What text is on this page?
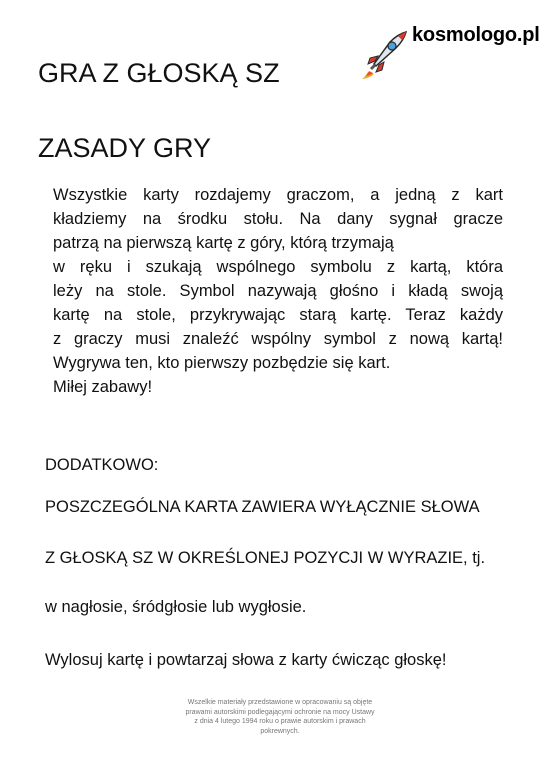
kosmologo.pl
GRA Z GŁOSKĄ SZ
ZASADY GRY
Wszystkie karty rozdajemy graczom, a jedną z kart
kładziemy na środku stołu. Na dany sygnał gracze
patrzą na pierwszą kartę z góry, którą trzymają
w ręku i szukają wspólnego symbolu z kartą, która
leży na stole. Symbol nazywają głośno i kładą swoją
kartę na stole, przykrywając starą kartę. Teraz każdy
z graczy musi znaleźć wspólny symbol z nową kartą!
Wygrywa ten, kto pierwszy pozbędzie się kart.
Miłej zabawy!
DODATKOWO:
POSZCZEGÓLNA KARTA ZAWIERA WYŁĄCZNIE SŁOWA
Z GŁOSKĄ SZ W OKREŚLONEJ POZYCJI W WYRAZIE, tj.
w nagłosie, śródgłosie lub wygłosie.
Wylosuj kartę i powtarzaj słowa z karty ćwicząc głoskę!
Wszelkie materiały przedstawione w opracowaniu są objęte prawami autorskimi podlegającymi ochronie na mocy Ustawy z dnia 4 lutego 1994 roku o prawie autorskim i prawach pokrewnych.
